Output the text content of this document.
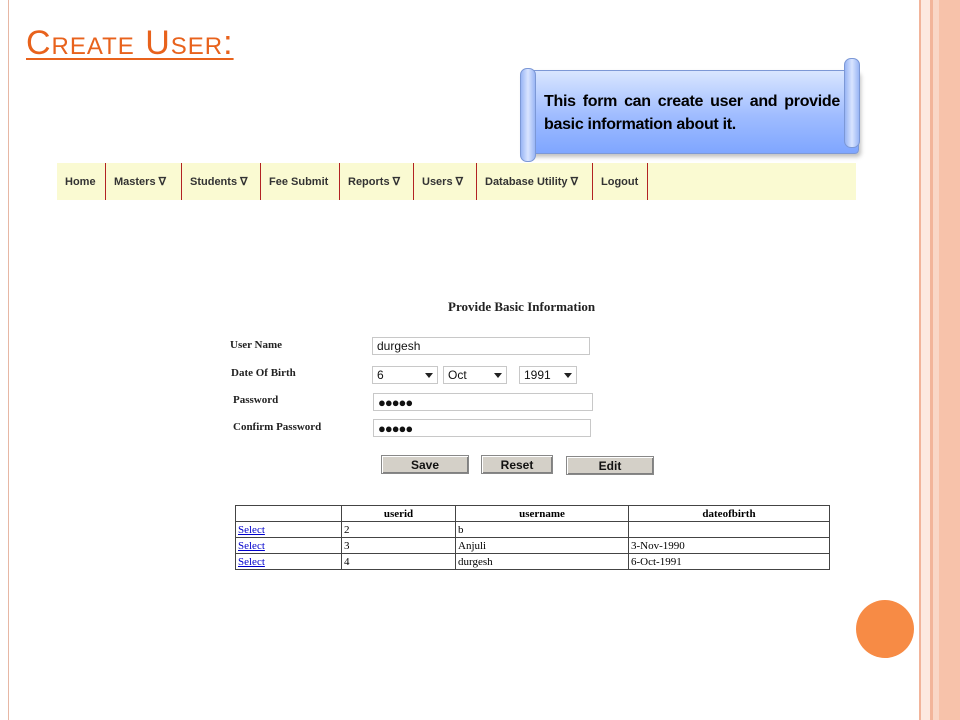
Create User:

This form can create user and provide basic information about it.

Home	Masters ∇	Students ∇	Fee Submit	Reports ∇	Users ∇	Database Utility ∇	Logout
Provide Basic Information
User Name	durgesh
Date Of Birth	6	Oct	1991
Password	●●●●●
Confirm Password	●●●●●
Save	Reset	Edit
	userid	username	dateofbirth
Select	2	b	
Select	3	Anjuli	3-Nov-1990
Select	4	durgesh	6-Oct-1991
